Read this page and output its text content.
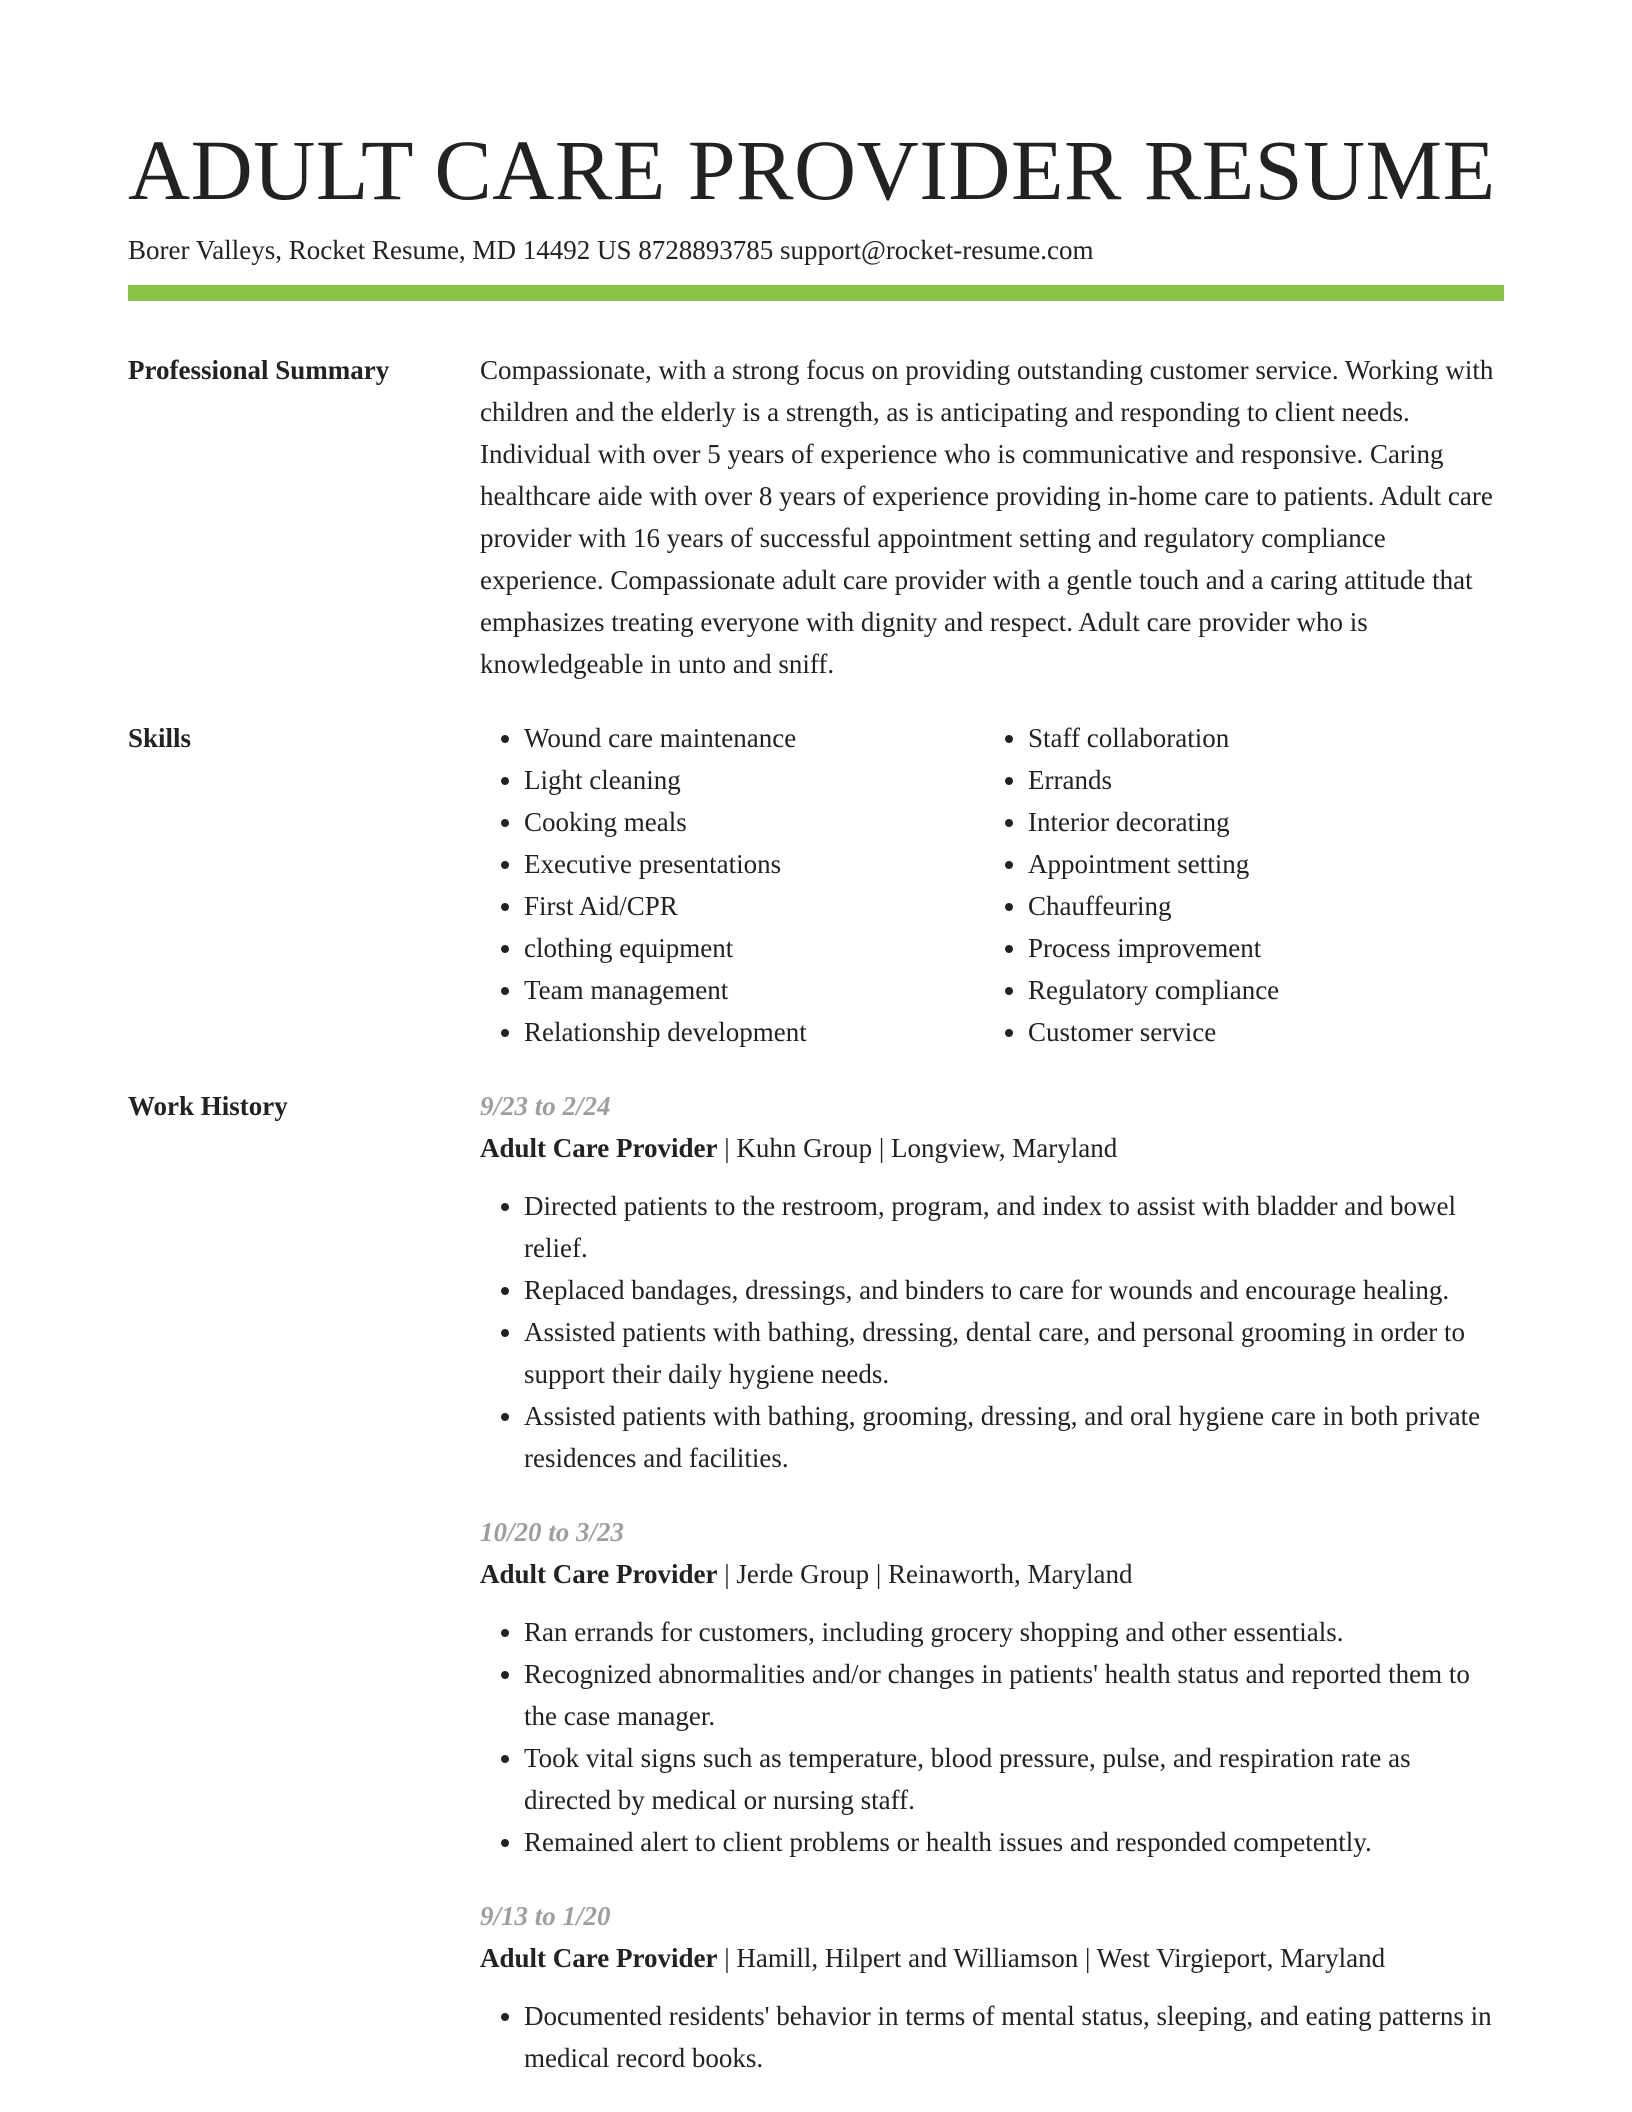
ADULT CARE PROVIDER RESUME
Borer Valleys, Rocket Resume, MD 14492 US 8728893785 support@rocket-resume.com
Professional Summary	Compassionate, with a strong focus on providing outstanding customer service. Working with children and the elderly is a strength, as is anticipating and responding to client needs. Individual with over 5 years of experience who is communicative and responsive. Caring healthcare aide with over 8 years of experience providing in-home care to patients. Adult care provider with 16 years of successful appointment setting and regulatory compliance experience. Compassionate adult care provider with a gentle touch and a caring attitude that emphasizes treating everyone with dignity and respect. Adult care provider who is knowledgeable in unto and sniff.

Skills
•	Wound care maintenance
• Light cleaning
• Cooking meals
• Executive presentations
• First Aid/CPR
• clothing equipment
• Team management
• Relationship development
• Staff collaboration
• Errands
• Interior decorating
• Appointment setting
• Chauffeuring
• Process improvement
• Regulatory compliance
• Customer service
Work History	9/23 to 2/24
Adult Care Provider | Kuhn Group | Longview, Maryland
• Directed patients to the restroom, program, and index to assist with bladder and bowel relief.
• Replaced bandages, dressings, and binders to care for wounds and encourage healing.
• Assisted patients with bathing, dressing, dental care, and personal grooming in order to support their daily hygiene needs.
• Assisted patients with bathing, grooming, dressing, and oral hygiene care in both private residences and facilities.
10/20 to 3/23
Adult Care Provider | Jerde Group | Reinaworth, Maryland
• Ran errands for customers, including grocery shopping and other essentials.
• Recognized abnormalities and/or changes in patients' health status and reported them to the case manager.
• Took vital signs such as temperature, blood pressure, pulse, and respiration rate as directed by medical or nursing staff.
• Remained alert to client problems or health issues and responded competently.
9/13 to 1/20
Adult Care Provider | Hamill, Hilpert and Williamson | West Virgieport, Maryland
• Documented residents' behavior in terms of mental status, sleeping, and eating patterns in medical record books.
